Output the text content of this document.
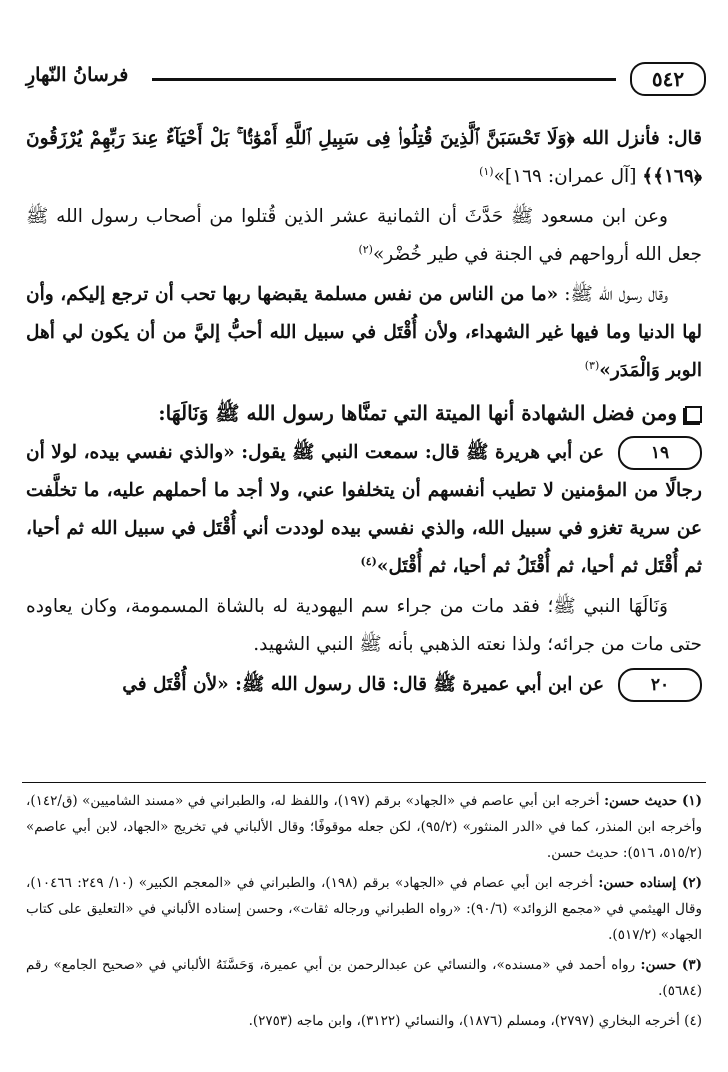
٥٤٢
فرسانُ النّهارِ

قال: فأنزل الله ﴿وَلَا تَحْسَبَنَّ ٱلَّذِينَ قُتِلُوا۟ فِى سَبِيلِ ٱللَّهِ أَمْوَٰتًۢا ۚ بَلْ أَحْيَآءٌ عِندَ رَبِّهِمْ يُرْزَقُونَ ﴿١٦٩﴾﴾ [آل عمران: ١٦٩]»$^{(١)}$

وعن ابن مسعود ﷺ حَدَّثَ أن الثمانية عشر الذين قُتلوا من أصحاب رسول الله ﷺ جعل الله أرواحهم في الجنة في طير خُضْر»$^{(٢)}$

وقال رسول الله ﷺ: «ما من الناس من نفس مسلمة يقبضها ربها تحب أن ترجع إليكم، وأن لها الدنيا وما فيها غير الشهداء، ولأن أُقْتَل في سبيل الله أحبُّ إليَّ من أن يكون لي أهل الوبر وَالْمَدَر»$^{(٣)}$

ومن فضل الشهادة أنها الميتة التي تمنَّاها رسول الله ﷺ وَنَالَهَا:

١٩عن أبي هريرة ﷺ قال: سمعت النبي ﷺ يقول: «والذي نفسي بيده، لولا أن رجالًا من المؤمنين لا تطيب أنفسهم أن يتخلفوا عني، ولا أجد ما أحملهم عليه، ما تخلَّفت عن سرية تغزو في سبيل الله، والذي نفسي بيده لوددت أني أُقْتَل في سبيل الله ثم أحيا، ثم أُقْتَل ثم أحيا، ثم أُقْتَلُ ثم أحيا، ثم أُقْتَل»$^{(٤)}$

وَنَالَهَا النبي ﷺ؛ فقد مات من جراء سم اليهودية له بالشاة المسمومة، وكان يعاوده حتى مات من جرائه؛ ولذا نعته الذهبي بأنه ﷺ النبي الشهيد.

٢٠عن ابن أبي عميرة ﷺ قال: قال رسول الله ﷺ: «لأن أُقْتَل في

(١) حديث حسن: أخرجه ابن أبي عاصم في «الجهاد» برقم (١٩٧)، واللفظ له، والطبراني في «مسند الشاميين» (ق/١٤٢)، وأخرجه ابن المنذر، كما في «الدر المنثور» (٩٥/٢)، لكن جعله موقوفًا؛ وقال الألباني في تخريج «الجهاد، لابن أبي عاصم» (٥١٥/٢، ٥١٦): حديث حسن.

(٢) إسناده حسن: أخرجه ابن أبي عصام في «الجهاد» برقم (١٩٨)، والطبراني في «المعجم الكبير» (١٠/ ٢٤٩: ١٠٤٦٦)، وقال الهيثمي في «مجمع الزوائد» (٩٠/٦): «رواه الطبراني ورجاله ثقات»، وحسن إسناده الألباني في «التعليق على كتاب الجهاد» (٥١٧/٢).

(٣) حسن: رواه أحمد في «مسنده»، والنسائي عن عبدالرحمن بن أبي عميرة، وَحَسَّنَهُ الألباني في «صحيح الجامع» رقم (٥٦٨٤).

(٤) أخرجه البخاري (٢٧٩٧)، ومسلم (١٨٧٦)، والنسائي (٣١٢٢)، وابن ماجه (٢٧٥٣).
